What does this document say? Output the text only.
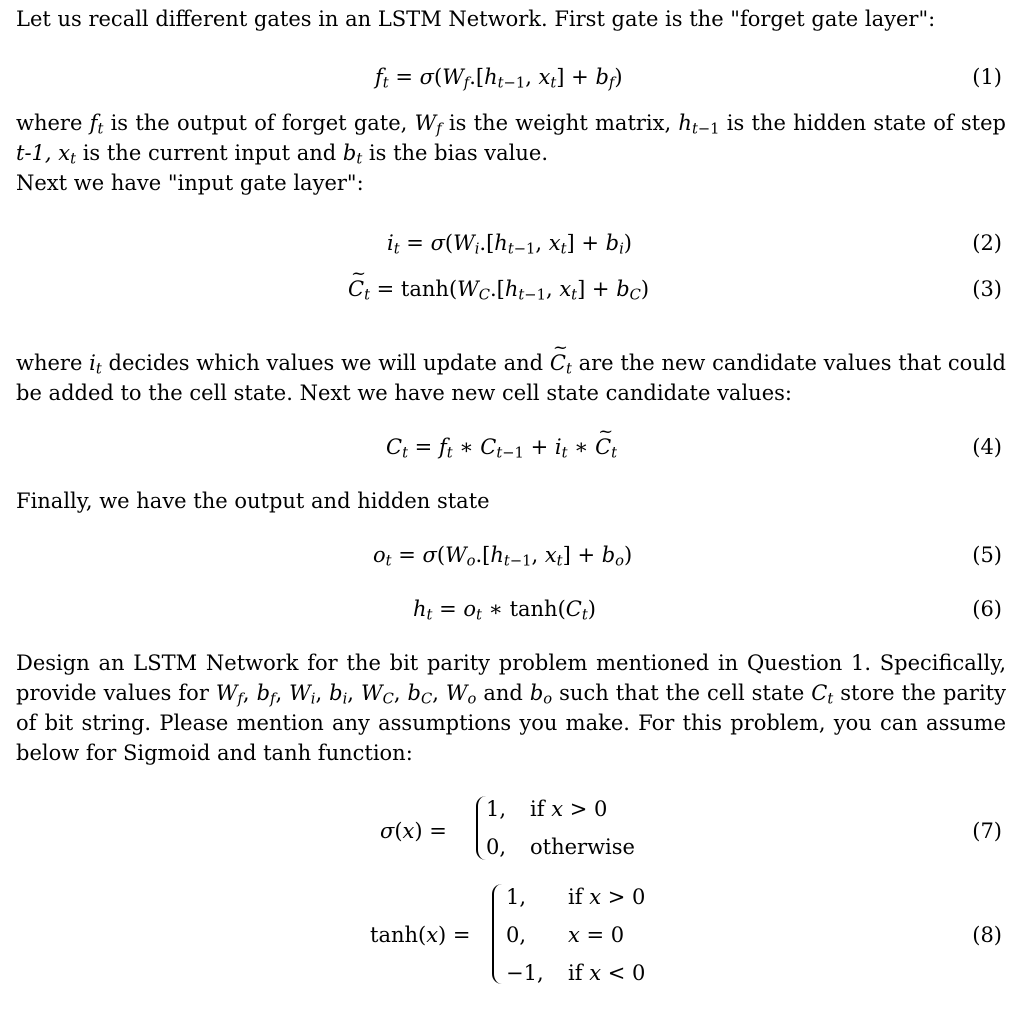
Let us recall different gates in an LSTM Network. First gate is the "forget gate layer":
$f_t = \sigma(W_f.[h_{t-1}$, $x_t] + b_f$)	(1)
where $f_t$ is the output of forget gate, $W_f$ is the weight matrix, $h_{t-1}$ is the hidden state of step t-1, $x_t$ is the current input and $b_t$ is the bias value.
Next we have "input gate layer":
$i_t = \sigma(W_i.[h_{t-1}$, $x_t] + b_i$)	(2)
~ $C_t = \tanh(W_C.[h_{t-1}$, $x_t] + b_C$)	(3)
where $i_t$ decides which values we will update and ~ $C_t$ are the new candidate values that could be added to the cell state. Next we have new cell state candidate values:
$C_t = f_t$ ∗ $C_{t-1} + i_t$ ∗ ~ $C_t$	(4)
Finally, we have the output and hidden state
$o_t = \sigma(W_o.[h_{t-1}$, $x_t] + b_o$)	(5)
$h_t = o_t$ ∗ $\tanh(C_t)$	(6)
Design an LSTM Network for the bit parity problem mentioned in Question 1. Specifically, provide values for $W_f$, $b_f$, $W_i$, $b_i$, $W_C$, $b_C$, $W_o$ and $b_o$ such that the cell state $C_t$ store the parity of bit string. Please mention any assumptions you make. For this problem, you can assume below for Sigmoid and tanh function:
σ(x) =
1, if x > 0
0, otherwise
(7)
tanh(x) =
1, if x > 0
0, x = 0
−1, if x < 0
(8)
